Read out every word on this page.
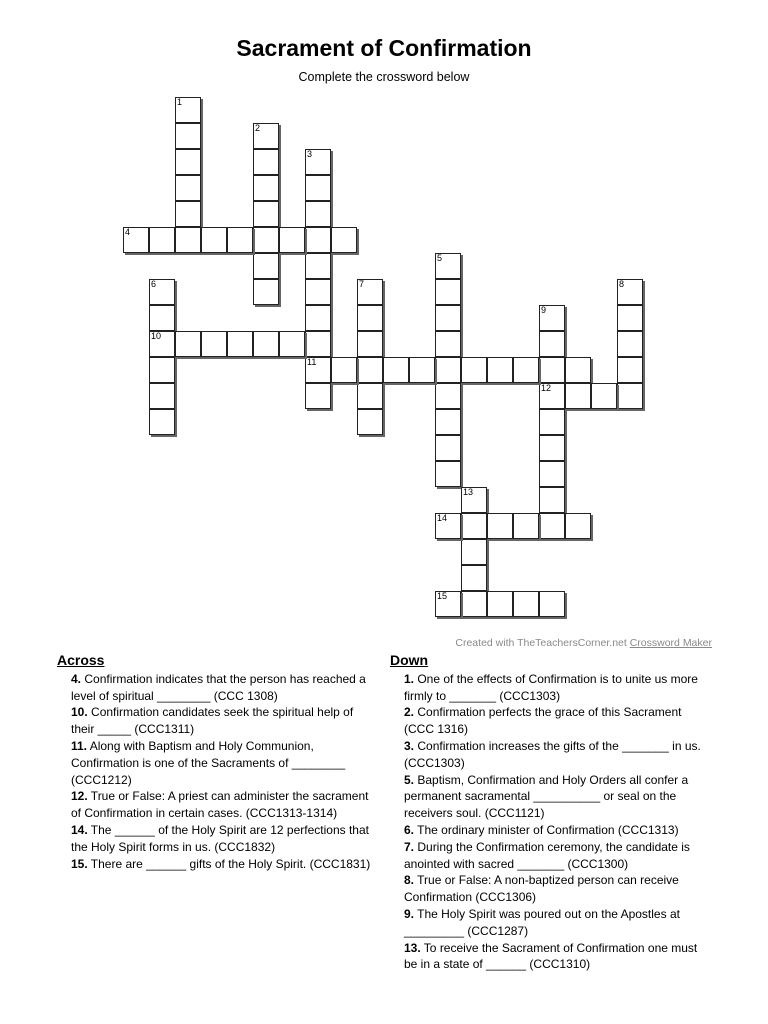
Sacrament of Confirmation
Complete the crossword below
1
2
3
4
5
6	7	8
9
10
11
12
13
14
15
Created with TheTeachersCorner.net Crossword Maker
Across

4. Confirmation indicates that the person has reached a level of spiritual ________ (CCC 1308)

10. Confirmation candidates seek the spiritual help of their _____ (CCC1311)

11. Along with Baptism and Holy Communion, Confirmation is one of the Sacraments of ________ (CCC1212)

12. True or False: A priest can administer the sacrament of Confirmation in certain cases. (CCC1313-1314)

14. The ______ of the Holy Spirit are 12 perfections that the Holy Spirit forms in us. (CCC1832)

15. There are ______ gifts of the Holy Spirit. (CCC1831)

Down

1. One of the effects of Confirmation is to unite us more firmly to _______ (CCC1303)

2. Confirmation perfects the grace of this Sacrament (CCC 1316)

3. Confirmation increases the gifts of the _______ in us. (CCC1303)

5. Baptism, Confirmation and Holy Orders all confer a permanent sacramental __________ or seal on the receivers soul. (CCC1121)

6. The ordinary minister of Confirmation (CCC1313)

7. During the Confirmation ceremony, the candidate is anointed with sacred _______ (CCC1300)

8. True or False: A non-baptized person can receive Confirmation (CCC1306)

9. The Holy Spirit was poured out on the Apostles at _________ (CCC1287)

13. To receive the Sacrament of Confirmation one must be in a state of ______ (CCC1310)
